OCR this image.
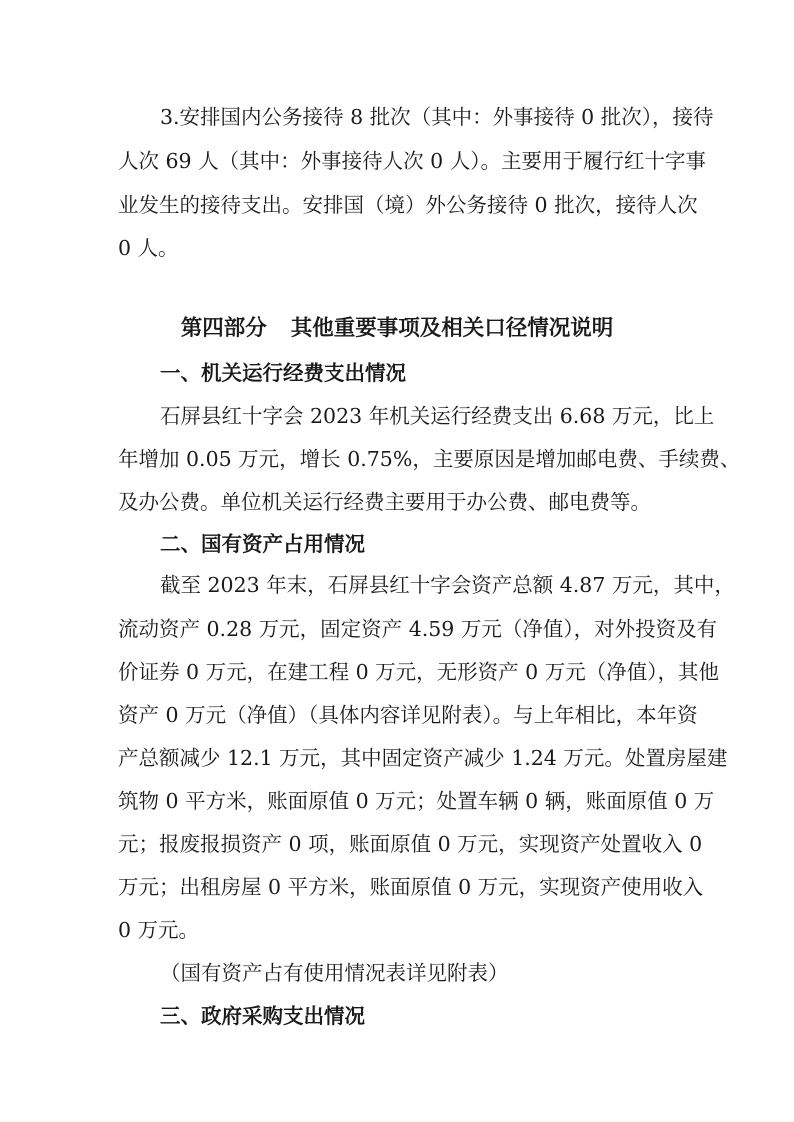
3.安排国内公务接待 8 批次（其中：外事接待 0 批次），接待
人次 69 人（其中：外事接待人次 0 人）。主要用于履行红十字事
业发生的接待支出。安排国（境）外公务接待 0 批次，接待人次
0 人。
第四部分 其他重要事项及相关口径情况说明
一、机关运行经费支出情况
石屏县红十字会 2023 年机关运行经费支出 6.68 万元，比上
年增加 0.05 万元，增长 0.75%，主要原因是增加邮电费、手续费、
及办公费。单位机关运行经费主要用于办公费、邮电费等。
二、国有资产占用情况
截至 2023 年末，石屏县红十字会资产总额 4.87 万元，其中，
流动资产 0.28 万元，固定资产 4.59 万元（净值），对外投资及有
价证券 0 万元，在建工程 0 万元，无形资产 0 万元（净值），其他
资产 0 万元（净值）（具体内容详见附表）。与上年相比，本年资
产总额减少 12.1 万元，其中固定资产减少 1.24 万元。处置房屋建
筑物 0 平方米，账面原值 0 万元；处置车辆 0 辆，账面原值 0 万
元；报废报损资产 0 项，账面原值 0 万元，实现资产处置收入 0
万元；出租房屋 0 平方米，账面原值 0 万元，实现资产使用收入
0 万元。
（国有资产占有使用情况表详见附表）
三、政府采购支出情况
